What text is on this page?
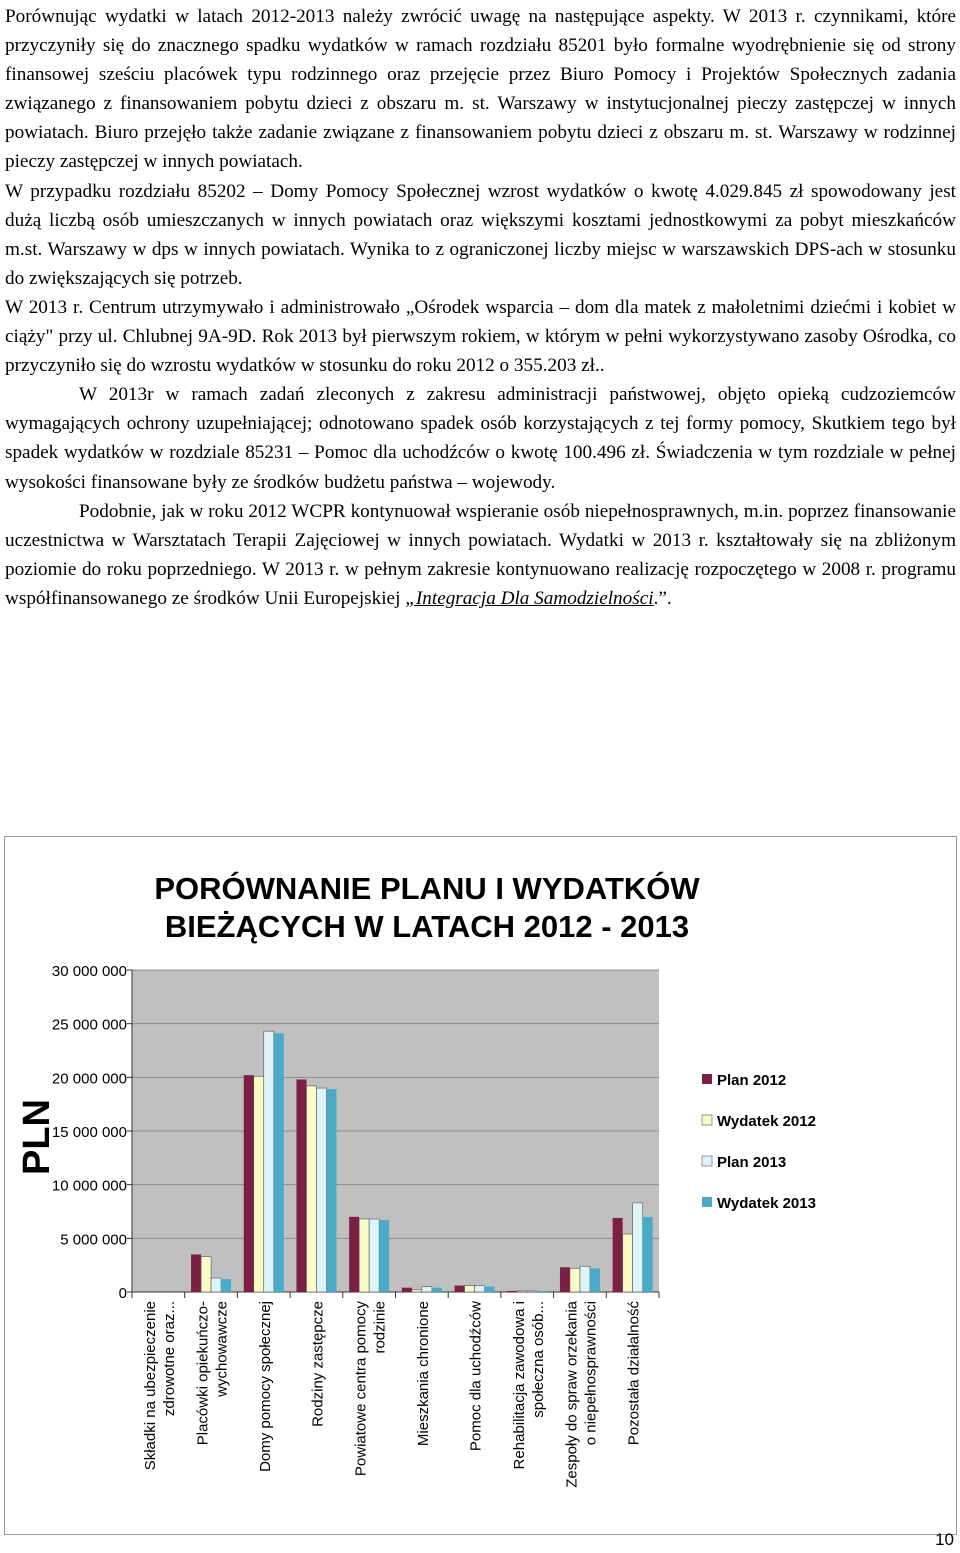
Porównując wydatki w latach 2012-2013 należy zwrócić uwagę na następujące aspekty. W 2013 r. czynnikami, które przyczyniły się do znacznego spadku wydatków w ramach rozdziału 85201 było formalne wyodrębnienie się od strony finansowej sześciu placówek typu rodzinnego oraz przejęcie przez Biuro Pomocy i Projektów Społecznych zadania związanego z finansowaniem pobytu dzieci z obszaru m. st. Warszawy w instytucjonalnej pieczy zastępczej w innych powiatach. Biuro przejęło także zadanie związane z finansowaniem pobytu dzieci z obszaru m. st. Warszawy w rodzinnej pieczy zastępczej w innych powiatach.

W przypadku rozdziału 85202 – Domy Pomocy Społecznej wzrost wydatków o kwotę 4.029.845 zł spowodowany jest dużą liczbą osób umieszczanych w innych powiatach oraz większymi kosztami jednostkowymi za pobyt mieszkańców m.st. Warszawy w dps w innych powiatach. Wynika to z ograniczonej liczby miejsc w warszawskich DPS-ach w stosunku do zwiększających się potrzeb.

W 2013 r. Centrum utrzymywało i administrowało „Ośrodek wsparcia – dom dla matek z małoletnimi dziećmi i kobiet w ciąży" przy ul. Chlubnej 9A-9D. Rok 2013 był pierwszym rokiem, w którym w pełni wykorzystywano zasoby Ośrodka, co przyczyniło się do wzrostu wydatków w stosunku do roku 2012 o 355.203 zł..

W 2013r w ramach zadań zleconych z zakresu administracji państwowej, objęto opieką cudzoziemców wymagających ochrony uzupełniającej; odnotowano spadek osób korzystających z tej formy pomocy, Skutkiem tego był spadek wydatków w rozdziale 85231 – Pomoc dla uchodźców o kwotę 100.496 zł. Świadczenia w tym rozdziale w pełnej wysokości finansowane były ze środków budżetu państwa – wojewody.

Podobnie, jak w roku 2012 WCPR kontynuował wspieranie osób niepełnosprawnych, m.in. poprzez finansowanie uczestnictwa w Warsztatach Terapii Zajęciowej w innych powiatach. Wydatki w 2013 r. kształtowały się na zbliżonym poziomie do roku poprzedniego. W 2013 r. w pełnym zakresie kontynuowano realizację rozpoczętego w 2008 r. programu współfinansowanego ze środków Unii Europejskiej „Integracja Dla Samodzielności.”.

PORÓWNANIE PLANU I WYDATKÓW
BIEŻĄCYCH W LATACH 2012 - 2013
0
5 000 000
10 000 000
15 000 000
20 000 000
25 000 000
30 000 000
PLN
Składki na ubezpieczenie zdrowotne oraz... Placówki opiekuńczo- wychowawcze Domy pomocy społecznej Rodziny zastępcze Powiatowe centra pomocy rodzinie Mieszkania chronione Pomoc dla uchodźców Rehabilitacja zawodowa i społeczna osób... Zespoły do spraw orzekania o niepełnosprawności Pozostała działalność
Plan 2012
Wydatek 2012
Plan 2013
Wydatek 2013
10
